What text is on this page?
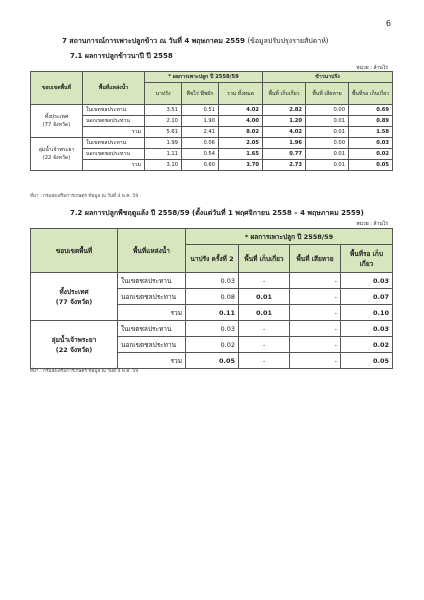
6
7 สถานการณ์การเพาะปลูกข้าว ณ วันที่ 4 พฤษภาคม 2559 (ข้อมูลปรับปรุงรายสัปดาห์)
7.1 ผลการปลูกข้าวนาปี ปี 2558
หน่วย : ล้านไร่
ขอบเขตพื้นที่	พื้นที่แหล่งน้ำ	* ผลการเพาะปลูก ปี 2558/59			ข้าวนาปรัง		
		นาปรัง	พืชไร่ พืชผัก	รวม ทั้งหมด	พื้นที่ เก็บเกี่ยว	พื้นที่ เสียหาย	พื้นที่รอ เก็บเกี่ยว

ทั้งประเทศ
(77 จังหวัด)	ในเขตชลประทาน	3.51	0.51	4.02	2.82	0.00	0.69
	นอกเขตชลประทาน	2.10	1.90	4.00	1.20	0.01	0.89
	รวม	5.61	2.41	8.02	4.02	0.01	1.58

ลุ่มน้ำเจ้าพระยา
(22 จังหวัด)	ในเขตชลประทาน	1.99	0.06	2.05	1.96	0.00	0.03
	นอกเขตชลประทาน	1.11	0.54	1.65	0.77	0.01	0.02
	รวม	3.10	0.60	3.70	2.73	0.01	0.05
ที่มา : กรมส่งเสริมการเกษตร ข้อมูล ณ วันที่ 4 พ.ค. 59
7.2 ผลการปลูกพืชฤดูแล้ง ปี 2558/59 (ตั้งแต่วันที่ 1 พฤศจิกายน 2558 – 4 พฤษภาคม 2559)
หน่วย : ล้านไร่
ขอบเขตพื้นที่	พื้นที่แหล่งน้ำ	* ผลการเพาะปลูก ปี 2558/59			
		นาปรัง ครั้งที่ 2	พื้นที่ เก็บเกี่ยว	พื้นที่ เสียหาย	พื้นที่รอ เก็บเกี่ยว

ทั้งประเทศ
(77 จังหวัด)	ในเขตชลประทาน	0.03	-	-	0.03
	นอกเขตชลประทาน	0.08	0.01	-	0.07
	รวม	0.11	0.01	-	0.10

ลุ่มน้ำเจ้าพระยา
(22 จังหวัด)	ในเขตชลประทาน	0.03	-	-	0.03
	นอกเขตชลประทาน	0.02	-	-	0.02
	รวม	0.05	-	-	0.05
ที่มา : กรมส่งเสริมการเกษตร ข้อมูล ณ วันที่ 4 พ.ค. 59
